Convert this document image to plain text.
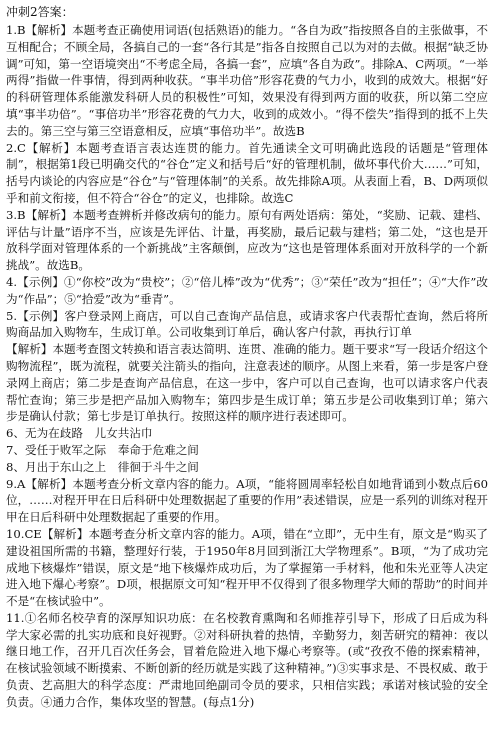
冲刺2答案：

1.B【解析】本题考查正确使用词语(包括熟语)的能力。“各自为政”指按照各自的主张做事，不互相配合；不顾全局，各搞自己的一套“各行其是”指各自按照自己以为对的去做。根据“缺乏协调”可知，第一空语境突出“不考虑全局，各搞一套”，应填“各自为政”。排除A、C两项。“一举两得”指做一件事情，得到两种收获。“事半功倍”形容花费的气力小，收到的成效大。根据“好的科研管理体系能激发科研人员的积极性”可知，效果没有得到两方面的收获，所以第二空应填“事半功倍”。“事倍功半”形容花费的气力大，收到的成效小。“得不偿失”指得到的抵不上失去的。第三空与第三空语意相反，应填“事倍功半”。故选B

2.C【解析】本题考查语言表达连贯的能力。首先通读全文可明确此选段的话题是“管理体制”，根据第1段已明确交代的“谷仓”定义和括号后“好的管理机制，做坏事代价大……”可知，括号内谈论的内容应是“谷仓”与“管理体制”的关系。故先排除A项。从表面上看，B、D两项似乎和前文衔接，但不符合“谷仓”的定义，也排除。故选C

3.B【解析】本题考查辨析并修改病句的能力。原句有两处语病：第处，“奖励、记载、建档、评估与计量”语序不当，应该是先评估、计量，再奖励，最后记载与建档；第二处，“这也是开放科学面对管理体系的一个新挑战”主客颠倒，应改为“这也是管理体系面对开放科学的一个新挑战”。故选B。

4.【示例】①“你校”改为“贵校”；②“倍儿棒”改为“优秀”；③“荣任”改为“担任”；④“大作”改为“作品”；⑤“拾爱”改为“垂青”。

5.【示例】客户登录网上商店，可以自己查询产品信息，或请求客户代表帮忙查询，然后将所购商品加入购物车，生成订单。公司收集到订单后，确认客户付款，再执行订单

【解析】本题考查图文转换和语言表达简明、连贯、准确的能力。题干要求“写一段话介绍这个购物流程”，既为流程，就要关注箭头的指向，注意表述的顺序。从图上来看，第一步是客户登录网上商店；第二步是查询产品信息，在这一步中，客户可以自己查询，也可以请求客户代表帮忙查询；第三步是把产品加入购物车；第四步是生成订单；第五步是公司收集到订单；第六步是确认付款；第七步是订单执行。按照这样的顺序进行表述即可。

6、无为在歧路　儿女共沾巾

7、受任于败军之际　奉命于危难之间

8、月出于东山之上　徘徊于斗牛之间

9.A【解析】本题考查分析文章内容的能力。A项，“能将圆周率轻松自如地背诵到小数点后60位，……对程开甲在日后科研中处理数据起了重要的作用”表述错误，应是一系列的训练对程开甲在日后科研中处理数据起了重要的作用。

10.CE【解析】本题考查分析文章内容的能力。A项，错在“立即”，无中生有，原文是“购买了建设祖国所需的书籍，整理好行装，于1950年8月回到浙江大学物理系”。B项，“为了成功完成地下核爆炸”错误，原文是“地下核爆炸成功后，为了掌握第一手材料，他和朱光亚等人决定进入地下爆心考察”。D项，根据原文可知“程开甲不仅得到了很多物理学大师的帮助”的时间并不是“在核试验中”。

11.①名师名校孕育的深厚知识功底：在名校教育熏陶和名师推荐引导下，形成了日后成为科学大家必需的扎实功底和良好视野。②对科研执着的热情，辛勤努力，刻苦研究的精神：夜以继日地工作，召开几百次任务会，冒着危险进入地下爆心考察等。(或“孜孜不倦的探索精神，在核试验领域不断摸索、不断创新的经历就是实践了这种精神。”)③实事求是、不畏权威、敢于负责、艺高胆大的科学态度：严肃地回绝副司令员的要求，只相信实践；承诺对核试验的安全负责。④通力合作，集体攻坚的智慧。(每点1分)
